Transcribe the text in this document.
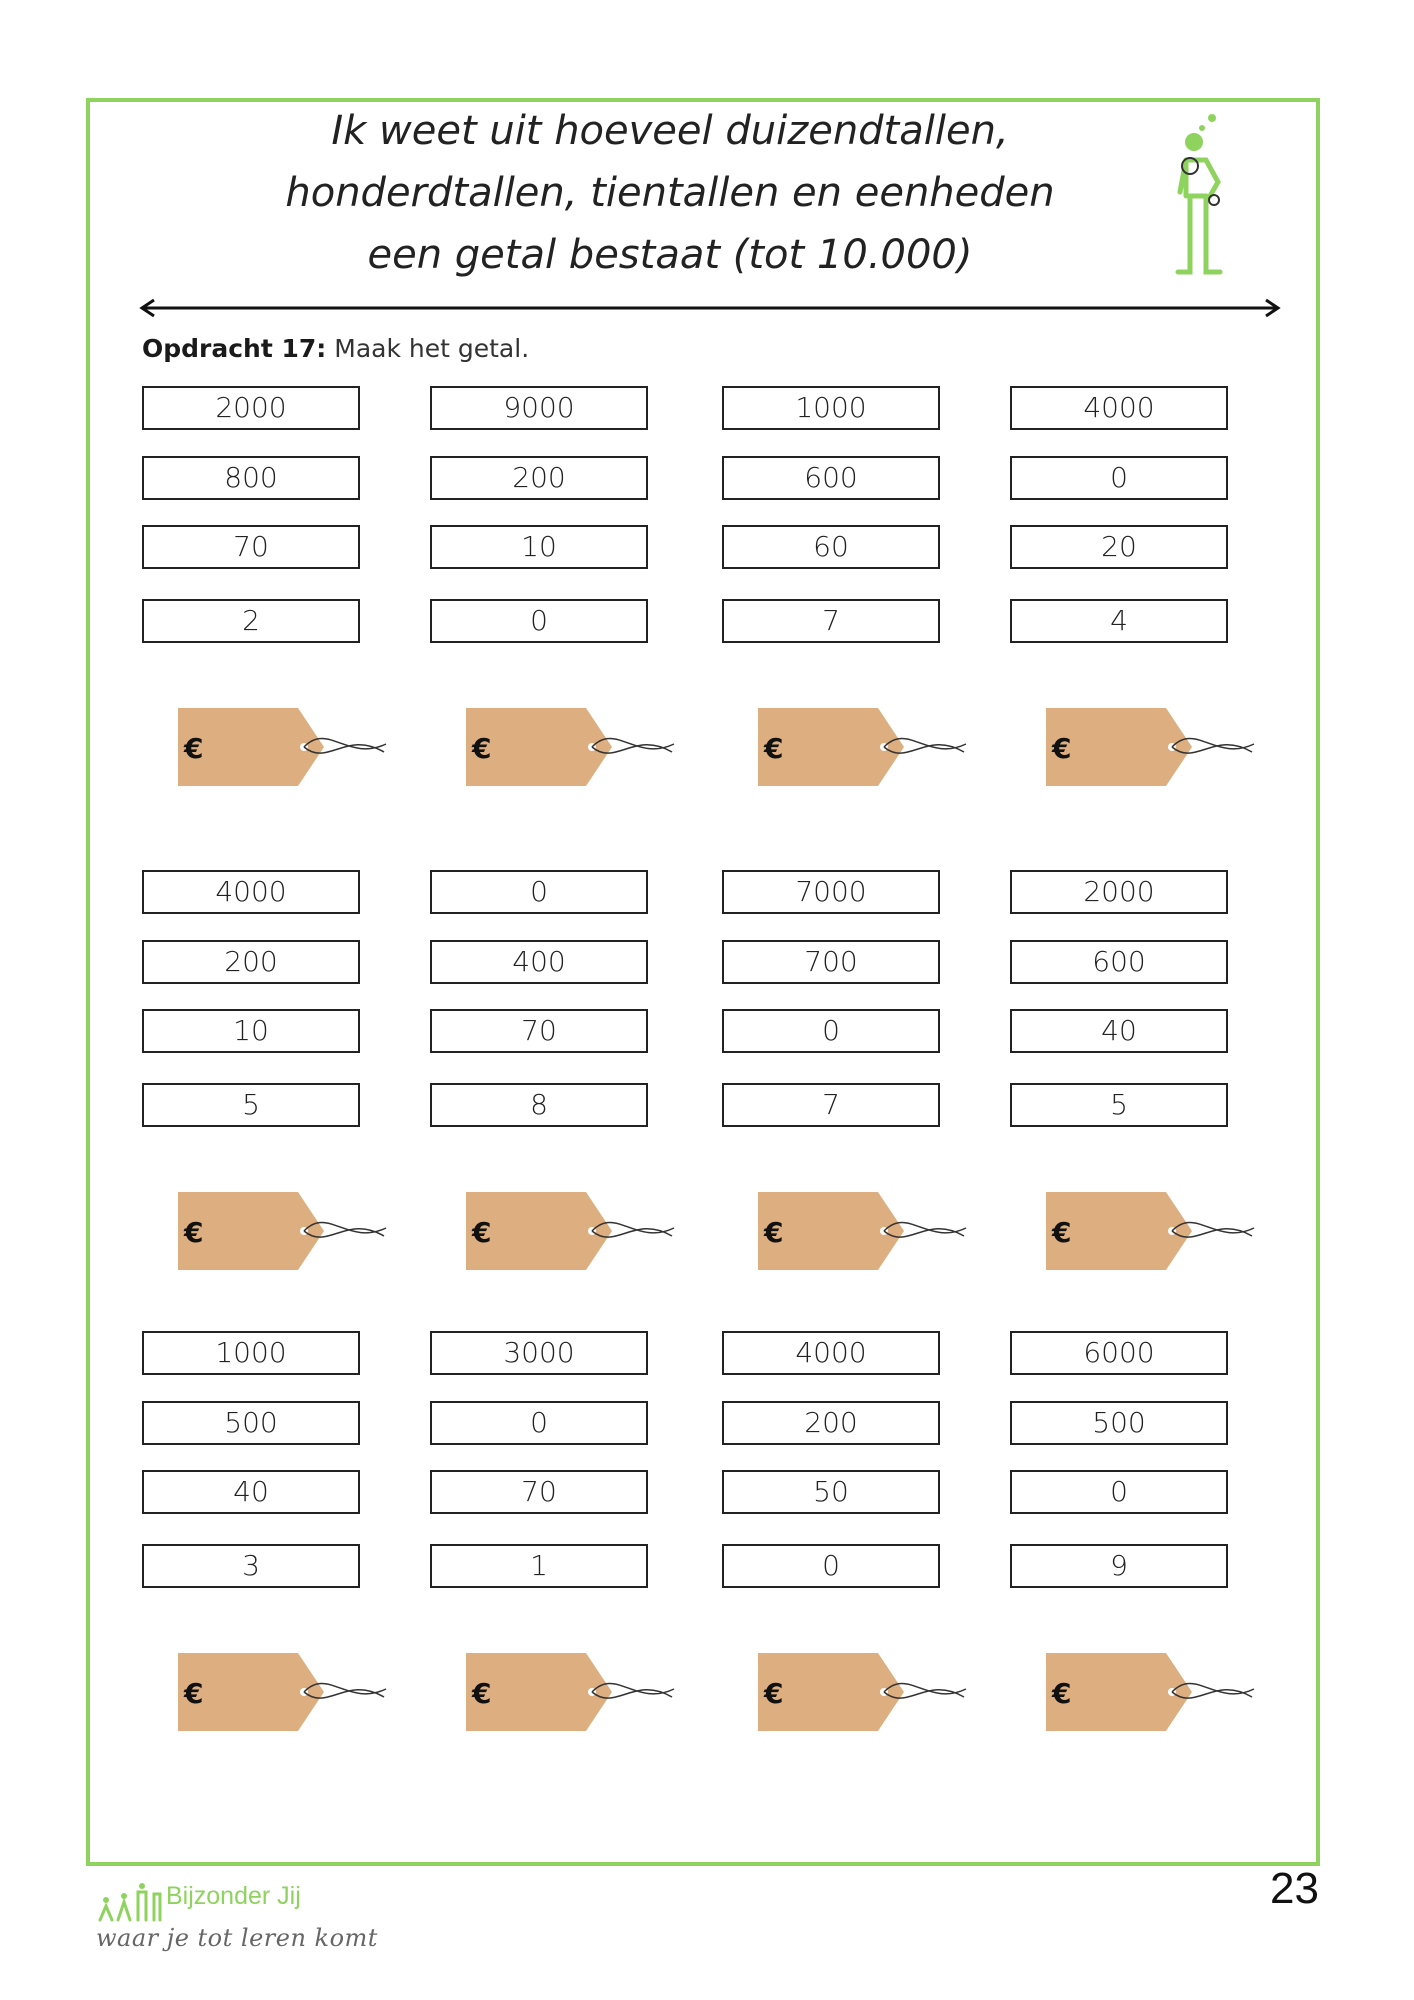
Ik weet uit hoeveel duizendtallen,
honderdtallen, tientallen en eenheden
een getal bestaat (tot 10.000)
Opdracht 17: Maak het getal.
2000
800
70
2
€
9000
200
10
0
€
1000
600
60
7
€
4000
0
20
4
€
4000
200
10
5
€
0
400
70
8
€
7000
700
0
7
€
2000
600
40
5
€
1000
500
40
3
€
3000
0
70
1
€
4000
200
50
0
€
6000
500
0
9
€
Bijzonder Jij
waar je tot leren komt
23
